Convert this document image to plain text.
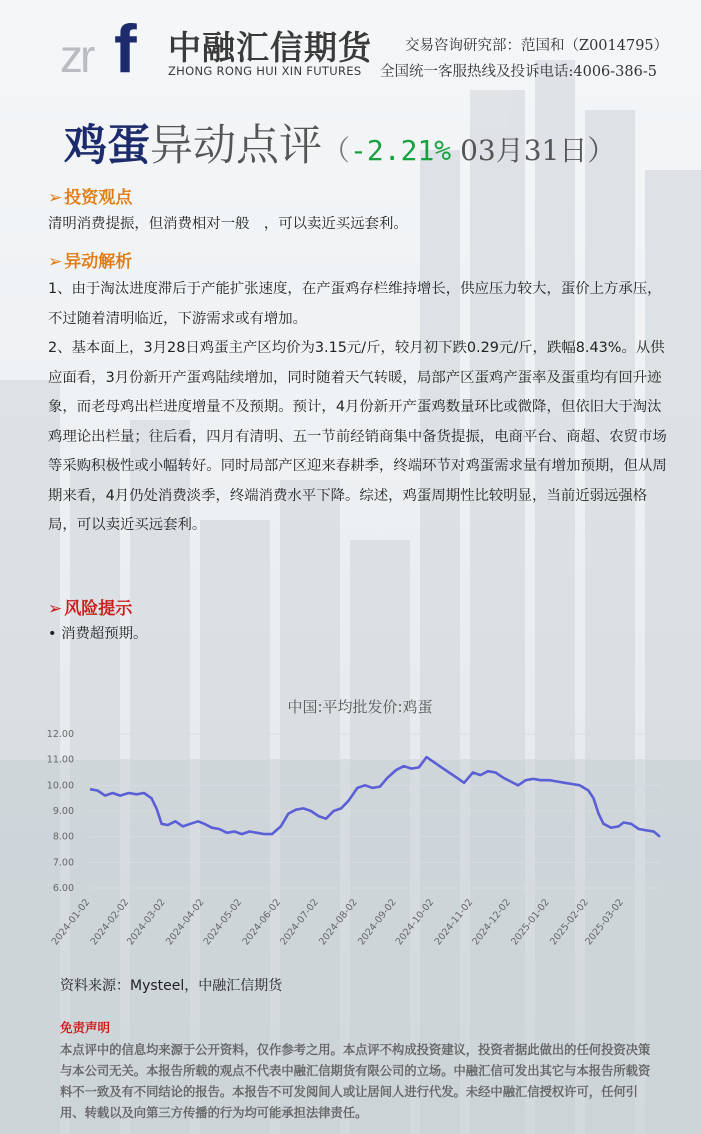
zr f 中融汇信期货
ZHONG RONG HUI XIN FUTURES
交易咨询研究部：范国和（Z0014795）
全国统一客服热线及投诉电话:4006-386-5
鸡蛋异动点评（-2.21% 03月31日）
➢ 投资观点

清明消费提振，但消费相对一般　，可以卖近买远套利。

➢ 异动解析

1、由于淘汰进度滞后于产能扩张速度，在产蛋鸡存栏维持增长，供应压力较大，蛋价上方承压，不过随着清明临近，下游需求或有增加。

2、基本面上，3月28日鸡蛋主产区均价为3.15元/斤，较月初下跌0.29元/斤，跌幅8.43%。从供应面看，3月份新开产蛋鸡陆续增加，同时随着天气转暖，局部产区蛋鸡产蛋率及蛋重均有回升迹象，而老母鸡出栏进度增量不及预期。预计，4月份新开产蛋鸡数量环比或微降，但依旧大于淘汰鸡理论出栏量；往后看，四月有清明、五一节前经销商集中备货提振，电商平台、商超、农贸市场等采购积极性或小幅转好。同时局部产区迎来春耕季，终端环节对鸡蛋需求量有增加预期，但从周期来看，4月仍处消费淡季，终端消费水平下降。综述，鸡蛋周期性比较明显，当前近弱远强格局，可以卖近买远套利。

➢ 风险提示

• 消费超预期。

中国:平均批发价:鸡蛋
6.00
7.00
8.00
9.00
10.00
11.00
12.00
2024-01-02
2024-02-02
2024-03-02
2024-04-02
2024-05-02
2024-06-02
2024-07-02
2024-08-02
2024-09-02
2024-10-02
2024-11-02
2024-12-02
2025-01-02
2025-02-02
2025-03-02
资料来源：Mysteel，中融汇信期货
免责声明
本点评中的信息均来源于公开资料，仅作参考之用。本点评不构成投资建议，投资者据此做出的任何投资决策与本公司无关。本报告所载的观点不代表中融汇信期货有限公司的立场。中融汇信可发出其它与本报告所载资料不一致及有不同结论的报告。本报告不可发阅间人或让居间人进行代发。未经中融汇信授权许可，任何引用、转载以及向第三方传播的行为均可能承担法律责任。
